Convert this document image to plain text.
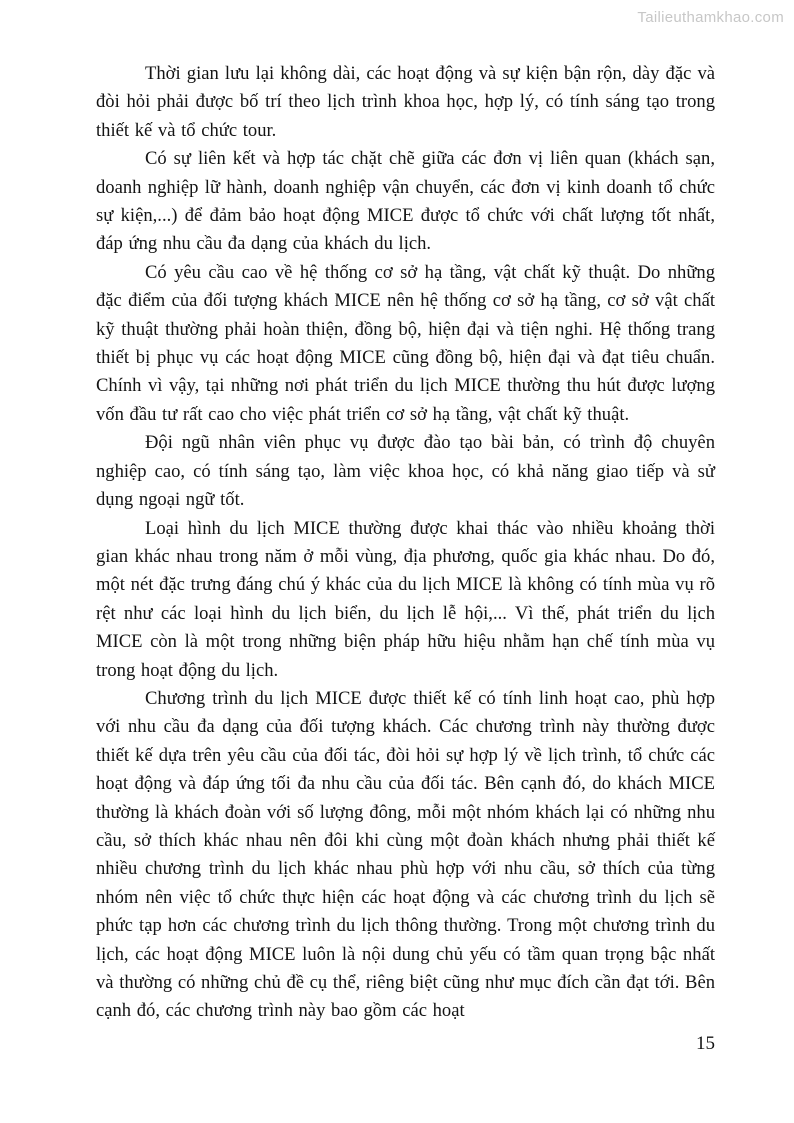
Tailieuthamkhao.com

Thời gian lưu lại không dài, các hoạt động và sự kiện bận rộn, dày đặc và đòi hỏi phải được bố trí theo lịch trình khoa học, hợp lý, có tính sáng tạo trong thiết kế và tổ chức tour.

Có sự liên kết và hợp tác chặt chẽ giữa các đơn vị liên quan (khách sạn, doanh nghiệp lữ hành, doanh nghiệp vận chuyển, các đơn vị kinh doanh tổ chức sự kiện,...) để đảm bảo hoạt động MICE được tổ chức với chất lượng tốt nhất, đáp ứng nhu cầu đa dạng của khách du lịch.

Có yêu cầu cao về hệ thống cơ sở hạ tầng, vật chất kỹ thuật. Do những đặc điểm của đối tượng khách MICE nên hệ thống cơ sở hạ tầng, cơ sở vật chất kỹ thuật thường phải hoàn thiện, đồng bộ, hiện đại và tiện nghi. Hệ thống trang thiết bị phục vụ các hoạt động MICE cũng đồng bộ, hiện đại và đạt tiêu chuẩn. Chính vì vậy, tại những nơi phát triển du lịch MICE thường thu hút được lượng vốn đầu tư rất cao cho việc phát triển cơ sở hạ tầng, vật chất kỹ thuật.

Đội ngũ nhân viên phục vụ được đào tạo bài bản, có trình độ chuyên nghiệp cao, có tính sáng tạo, làm việc khoa học, có khả năng giao tiếp và sử dụng ngoại ngữ tốt.

Loại hình du lịch MICE thường được khai thác vào nhiều khoảng thời gian khác nhau trong năm ở mỗi vùng, địa phương, quốc gia khác nhau. Do đó, một nét đặc trưng đáng chú ý khác của du lịch MICE là không có tính mùa vụ rõ rệt như các loại hình du lịch biển, du lịch lễ hội,... Vì thế, phát triển du lịch MICE còn là một trong những biện pháp hữu hiệu nhằm hạn chế tính mùa vụ trong hoạt động du lịch.

Chương trình du lịch MICE được thiết kế có tính linh hoạt cao, phù hợp với nhu cầu đa dạng của đối tượng khách. Các chương trình này thường được thiết kế dựa trên yêu cầu của đối tác, đòi hỏi sự hợp lý về lịch trình, tổ chức các hoạt động và đáp ứng tối đa nhu cầu của đối tác. Bên cạnh đó, do khách MICE thường là khách đoàn với số lượng đông, mỗi một nhóm khách lại có những nhu cầu, sở thích khác nhau nên đôi khi cùng một đoàn khách nhưng phải thiết kế nhiều chương trình du lịch khác nhau phù hợp với nhu cầu, sở thích của từng nhóm nên việc tổ chức thực hiện các hoạt động và các chương trình du lịch sẽ phức tạp hơn các chương trình du lịch thông thường. Trong một chương trình du lịch, các hoạt động MICE luôn là nội dung chủ yếu có tầm quan trọng bậc nhất và thường có những chủ đề cụ thể, riêng biệt cũng như mục đích cần đạt tới. Bên cạnh đó, các chương trình này bao gồm các hoạt

15
